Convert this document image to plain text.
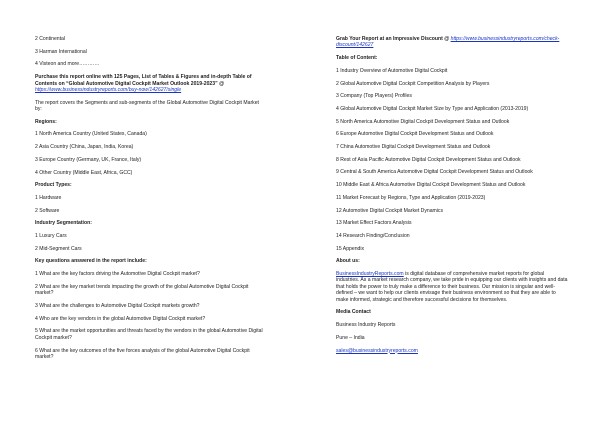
2 Continental
3 Harman International
4 Visteon and more…………
Purchase this report online with 125 Pages, List of Tables & Figures and in-depth Table of Contents on “Global Automotive Digital Cockpit Market Outlook 2019-2023” @
https://www.businessindustryreports.com/buy-now/142627/single
The report covers the Segments and sub-segments of the Global Automotive Digital Cockpit Market by:
Regions:
1 North America Country (United States, Canada)
2 Asia Country (China, Japan, India, Korea)
3 Europe Country (Germany, UK, France, Italy)
4 Other Country (Middle East, Africa, GCC)
Product Types:
1 Hardware
2 Software
Industry Segmentation:
1 Luxury Cars
2 Mid-Segment Cars
Key questions answered in the report include:
1 What are the key factors driving the Automotive Digital Cockpit market?
2 What are the key market trends impacting the growth of the global Automotive Digital Cockpit market?
3 What are the challenges to Automotive Digital Cockpit markets growth?
4 Who are the key vendors in the global Automotive Digital Cockpit market?
5 What are the market opportunities and threats faced by the vendors in the global Automotive Digital Cockpit market?
6 What are the key outcomes of the five forces analysis of the global Automotive Digital Cockpit market?
Grab Your Report at an Impressive Discount @ https://www.businessindustryreports.com/check-discount/142627
Table of Content:
1 Industry Overview of Automotive Digital Cockpit
2 Global Automotive Digital Cockpit Competition Analysis by Players
3 Company (Top Players) Profiles
4 Global Automotive Digital Cockpit Market Size by Type and Application (2013-2019)
5 North America Automotive Digital Cockpit Development Status and Outlook
6 Europe Automotive Digital Cockpit Development Status and Outlook
7 China Automotive Digital Cockpit Development Status and Outlook
8 Rest of Asia Pacific Automotive Digital Cockpit Development Status and Outlook
9 Central & South America Automotive Digital Cockpit Development Status and Outlook
10 Middle East & Africa Automotive Digital Cockpit Development Status and Outlook
11 Market Forecast by Regions, Type and Application (2019-2023)
12 Automotive Digital Cockpit Market Dynamics
13 Market Effect Factors Analysis
14 Research Finding/Conclusion
15 Appendix
About us:
BusinessIndustryReports.com is digital database of comprehensive market reports for global industries. As a market research company, we take pride in equipping our clients with insights and data that holds the power to truly make a difference to their business. Our mission is singular and well-defined – we want to help our clients envisage their business environment so that they are able to make informed, strategic and therefore successful decisions for themselves.
Media Contact
Business Industry Reports
Pune – India
sales@businessindustryreports.com
